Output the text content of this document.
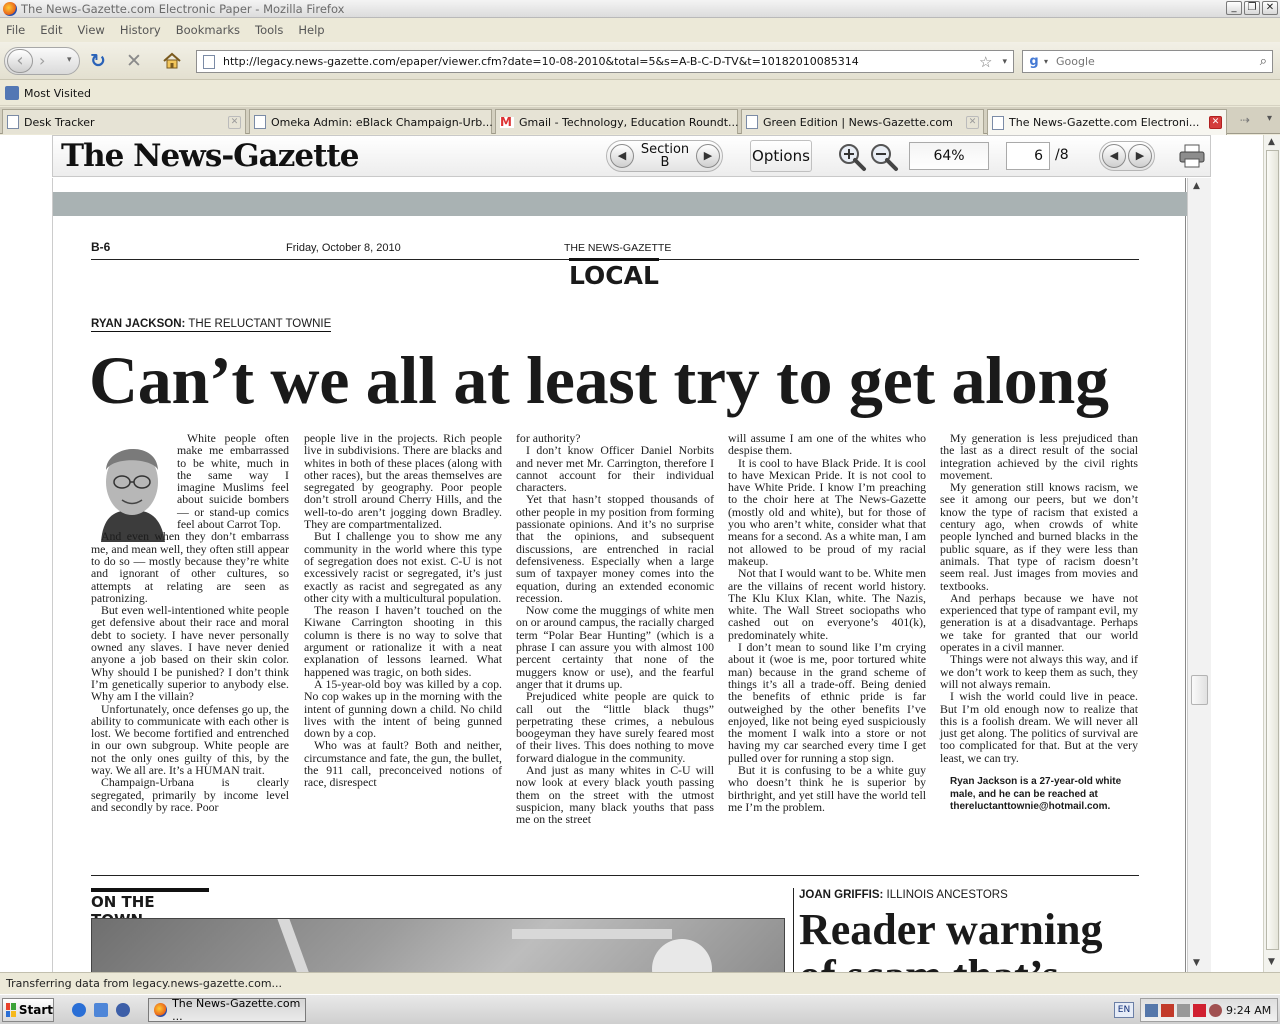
The News-Gazette.com Electronic Paper - Mozilla Firefox	_	❐ ✕
File Edit View History Bookmarks Tools Help
‹ › ▾ ↻ ✕	http://legacy.news-gazette.com/epaper/viewer.cfm?date=10-08-2010&total=5&s=A-B-C-D-TV&t=10182010085314	☆ ▾ g ▾
Google	⌕
Most Visited
Desk Tracker	✕	Omeka Admin: eBlack Champaign-Urb...
M Gmail - Technology, Education Roundt... Green Edition | News-Gazette.com	✕	The News-Gazette.com Electroni...	✕ ⇢ ▾
The News-Gazette	◀	Section
B	▶	Options	64%	6 /8	◀	▶
B-6	Friday, October 8, 2010	THE NEWS-GAZETTE
LOCAL
RYAN JACKSON: THE RELUCTANT TOWNIE
Can’t we all at least try to get along

White people often make me embarrassed to be white, much in the same way I imagine Muslims feel about suicide bombers — or stand-up comics feel about Carrot Top.

And even when they don’t embarrass me, and mean well, they often still appear to do so — mostly because they’re white and ignorant of other cultures, so attempts at relating are seen as patronizing.

But even well-intentioned white people get defensive about their race and moral debt to society. I have never personally owned any slaves. I have never denied anyone a job based on their skin color. Why should I be punished? I don’t think I’m genetically superior to anybody else. Why am I the villain?

Unfortunately, once defenses go up, the ability to communicate with each other is lost. We become fortified and entrenched in our own subgroup. White people are not the only ones guilty of this, by the way. We all are. It’s a HUMAN trait.

Champaign-Urbana is clearly segregated, primarily by income level and secondly by race. Poor

people live in the projects. Rich people live in subdivisions. There are blacks and whites in both of these places (along with other races), but the areas themselves are segregated by geography. Poor people don’t stroll around Cherry Hills, and the well-to-do aren’t jogging down Bradley. They are compartmentalized.

But I challenge you to show me any community in the world where this type of segregation does not exist. C-U is not excessively racist or segregated, it’s just exactly as racist and segregated as any other city with a multicultural population.

The reason I haven’t touched on the Kiwane Carrington shooting in this column is there is no way to solve that argument or rationalize it with a neat explanation of lessons learned. What happened was tragic, on both sides.

A 15-year-old boy was killed by a cop. No cop wakes up in the morning with the intent of gunning down a child. No child lives with the intent of being gunned down by a cop.

Who was at fault? Both and neither, circumstance and fate, the gun, the bullet, the 911 call, preconceived notions of race, disrespect

for authority?

I don’t know Officer Daniel Norbits and never met Mr. Carrington, therefore I cannot account for their individual characters.

Yet that hasn’t stopped thousands of other people in my position from forming passionate opinions. And it’s no surprise that the opinions, and subsequent discussions, are entrenched in racial defensiveness. Especially when a large sum of taxpayer money comes into the equation, during an extended economic recession.

Now come the muggings of white men on or around campus, the racially charged term “Polar Bear Hunting” (which is a phrase I can assure you with almost 100 percent certainty that none of the muggers know or use), and the fearful anger that it drums up.

Prejudiced white people are quick to call out the “little black thugs” perpetrating these crimes, a nebulous boogeyman they have surely feared most of their lives. This does nothing to move forward dialogue in the community.

And just as many whites in C-U will now look at every black youth passing them on the street with the utmost suspicion, many black youths that pass me on the street

will assume I am one of the whites who despise them.

It is cool to have Black Pride. It is cool to have Mexican Pride. It is not cool to have White Pride. I know I’m preaching to the choir here at The News-Gazette (mostly old and white), but for those of you who aren’t white, consider what that means for a second. As a white man, I am not allowed to be proud of my racial makeup.

Not that I would want to be. White men are the villains of recent world history. The Klu Klux Klan, white. The Nazis, white. The Wall Street sociopaths who cashed out on everyone’s 401(k), predominately white.

I don’t mean to sound like I’m crying about it (woe is me, poor tortured white man) because in the grand scheme of things it’s all a trade-off. Being denied the benefits of ethnic pride is far outweighed by the other benefits I’ve enjoyed, like not being eyed suspiciously the moment I walk into a store or not having my car searched every time I get pulled over for running a stop sign.

But it is confusing to be a white guy who doesn’t think he is superior by birthright, and yet still have the world tell me I’m the problem.

My generation is less prejudiced than the last as a direct result of the social integration achieved by the civil rights movement.

My generation still knows racism, we see it among our peers, but we don’t know the type of racism that existed a century ago, when crowds of white people lynched and burned blacks in the public square, as if they were less than animals. That type of racism doesn’t seem real. Just images from movies and textbooks.

And perhaps because we have not experienced that type of rampant evil, my generation is at a disadvantage. Perhaps we take for granted that our world operates in a civil manner.

Things were not always this way, and if we don’t work to keep them as such, they will not always remain.

I wish the world could live in peace. But I’m old enough now to realize that this is a foolish dream. We will never all just get along. The politics of survival are too complicated for that. But at the very least, we can try.

Ryan Jackson is a 27-year-old white male, and he can be reached at thereluctanttownie@hotmail.com.
ON THE	JOAN GRIFFIS: ILLINOIS ANCESTORS
Reader warning
▲
▼
▲
▼
Transferring data from legacy.news-gazette.com...
Start	The News-Gazette.com ...	EN	9:24 AM
